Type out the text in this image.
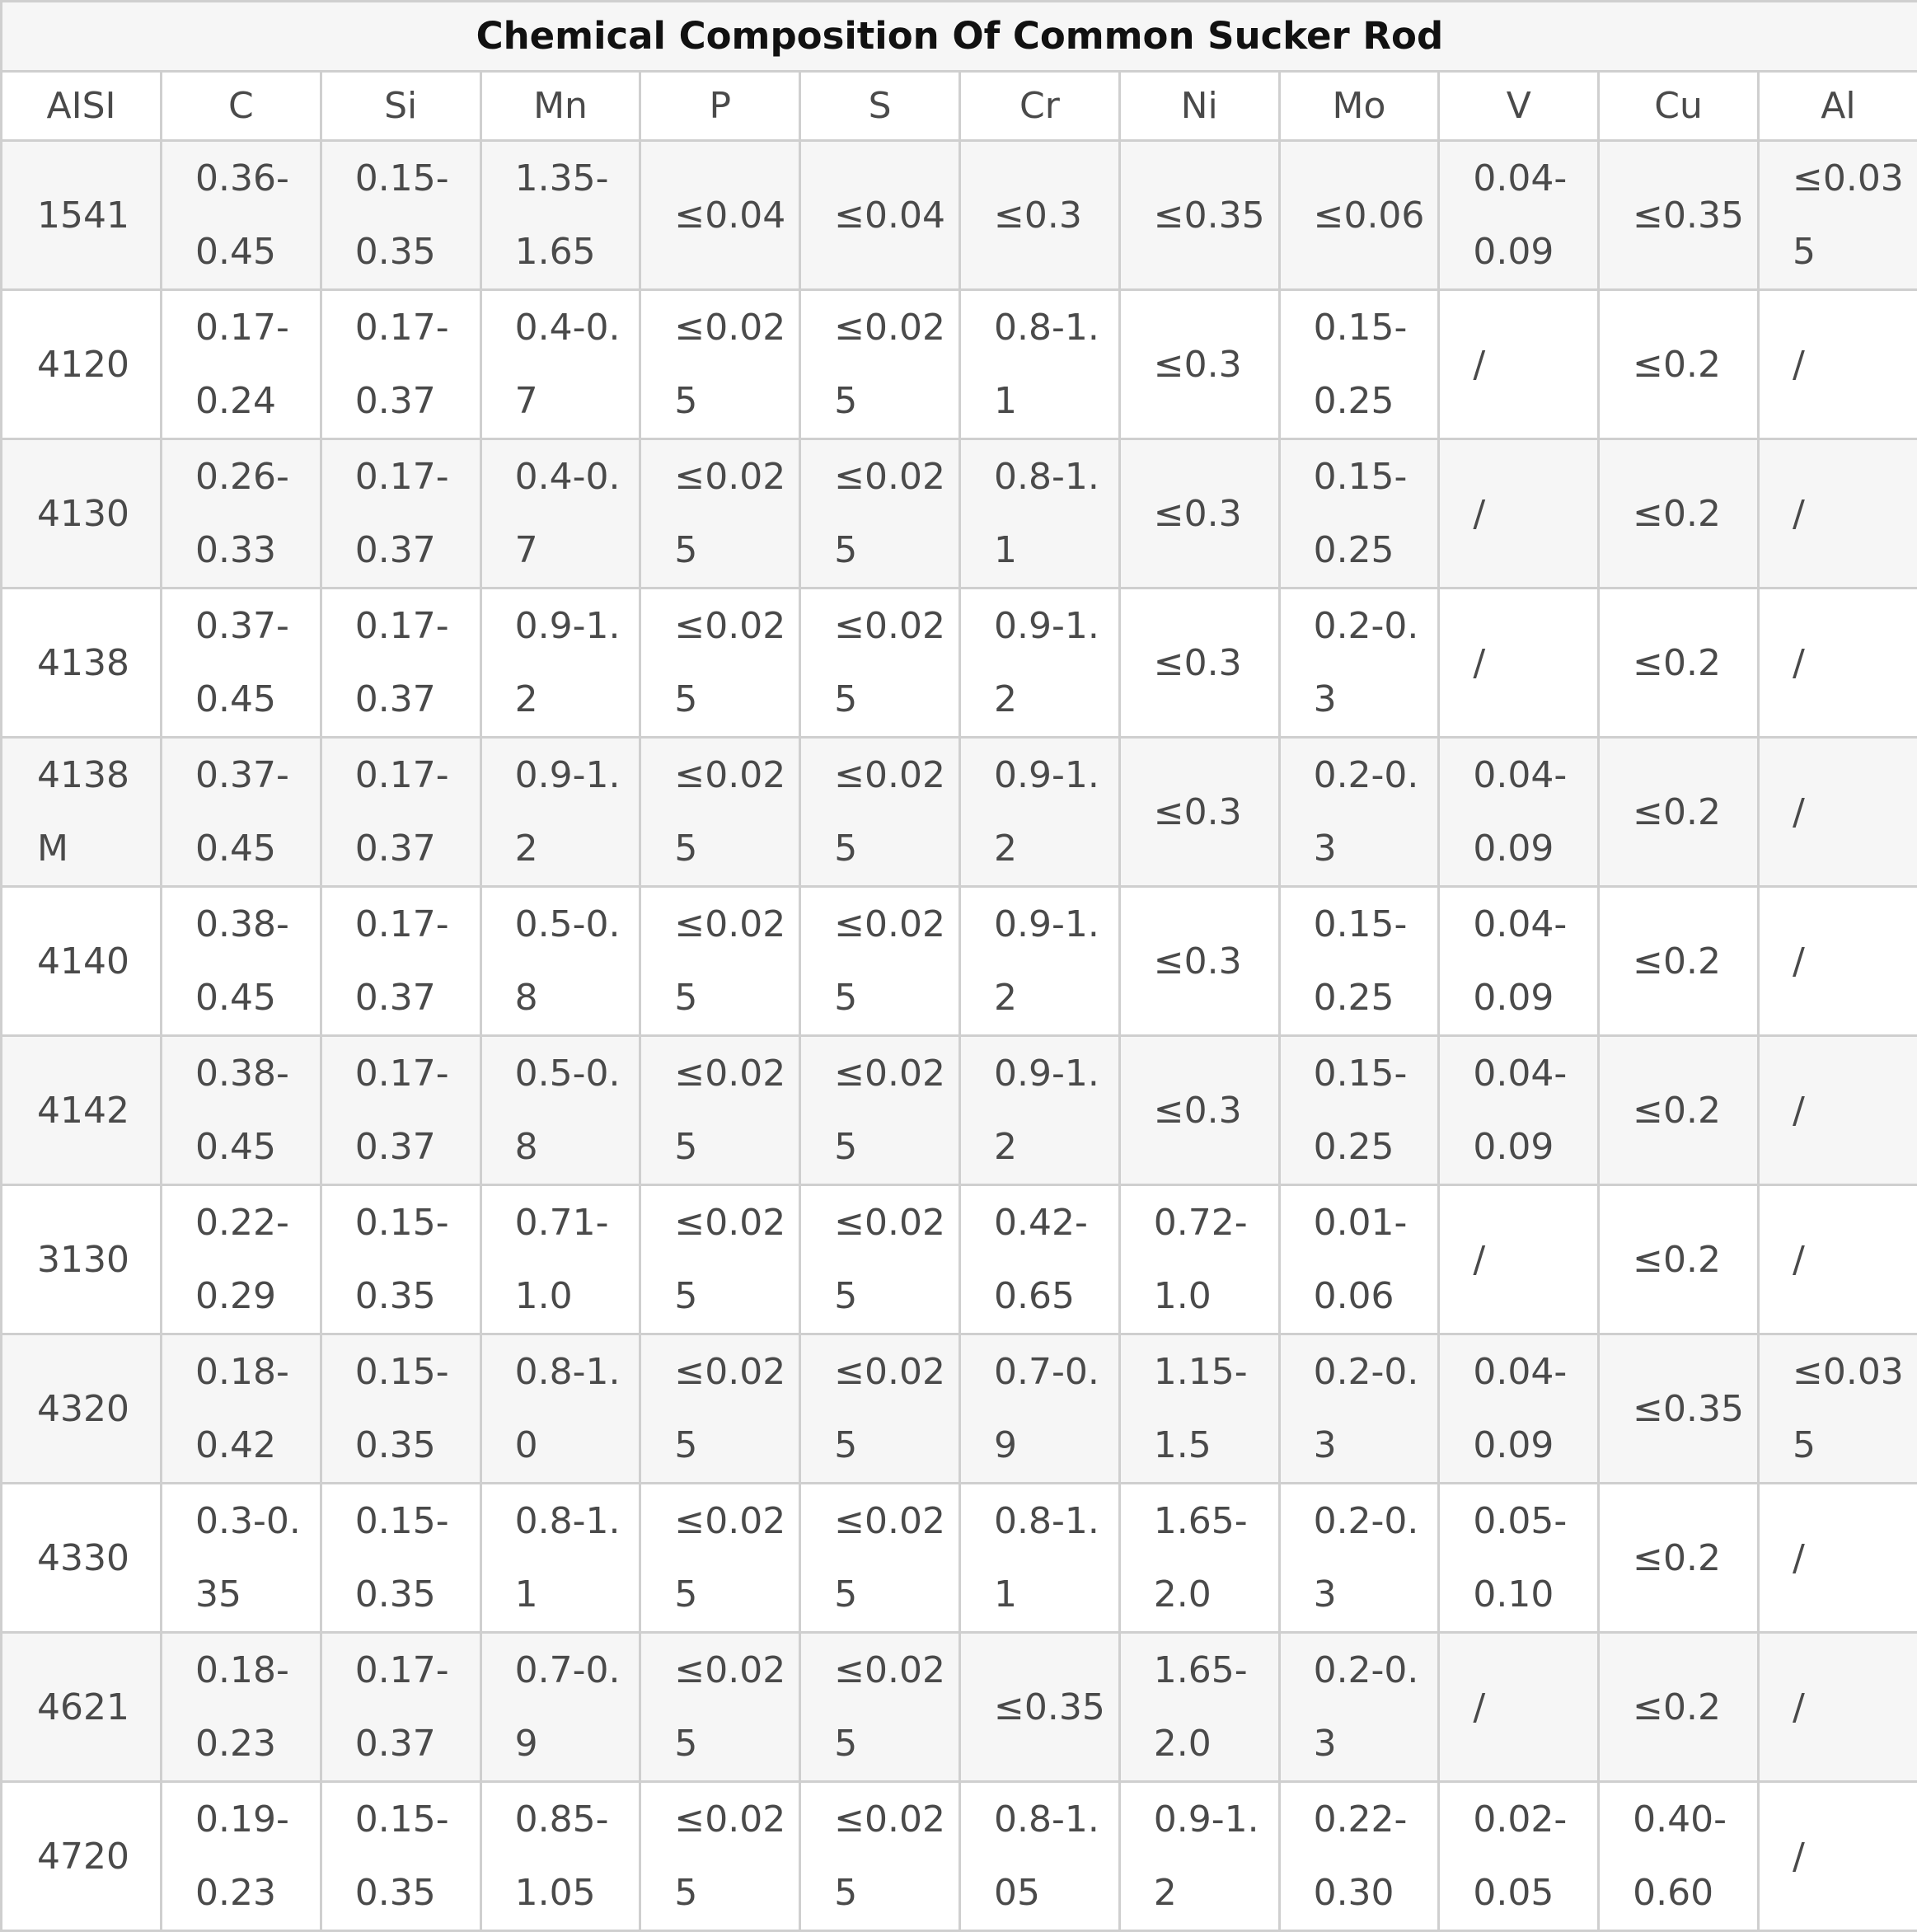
Chemical Composition Of Common Sucker Rod											
AISI	C	Si	Mn	P	S	Cr	Ni	Mo	V	Cu	Al
1541	0.36-0.45	0.15-0.35	1.35-1.65	≤0.04	≤0.04	≤0.3	≤0.35	≤0.06	0.04-0.09	≤0.35	≤0.035
4120	0.17-0.24	0.17-0.37	0.4-0.7	≤0.025	≤0.025	0.8-1.1	≤0.3	0.15-0.25	/	≤0.2	/
4130	0.26-0.33	0.17-0.37	0.4-0.7	≤0.025	≤0.025	0.8-1.1	≤0.3	0.15-0.25	/	≤0.2	/
4138	0.37-0.45	0.17-0.37	0.9-1.2	≤0.025	≤0.025	0.9-1.2	≤0.3	0.2-0.3	/	≤0.2	/
4138M	0.37-0.45	0.17-0.37	0.9-1.2	≤0.025	≤0.025	0.9-1.2	≤0.3	0.2-0.3	0.04-0.09	≤0.2	/
4140	0.38-0.45	0.17-0.37	0.5-0.8	≤0.025	≤0.025	0.9-1.2	≤0.3	0.15-0.25	0.04-0.09	≤0.2	/
4142	0.38-0.45	0.17-0.37	0.5-0.8	≤0.025	≤0.025	0.9-1.2	≤0.3	0.15-0.25	0.04-0.09	≤0.2	/
3130	0.22-0.29	0.15-0.35	0.71-1.0	≤0.025	≤0.025	0.42-0.65	0.72-1.0	0.01-0.06	/	≤0.2	/
4320	0.18-0.42	0.15-0.35	0.8-1.0	≤0.025	≤0.025	0.7-0.9	1.15-1.5	0.2-0.3	0.04-0.09	≤0.35	≤0.035
4330	0.3-0.35	0.15-0.35	0.8-1.1	≤0.025	≤0.025	0.8-1.1	1.65-2.0	0.2-0.3	0.05-0.10	≤0.2	/
4621	0.18-0.23	0.17-0.37	0.7-0.9	≤0.025	≤0.025	≤0.35	1.65-2.0	0.2-0.3	/	≤0.2	/
4720	0.19-0.23	0.15-0.35	0.85-1.05	≤0.025	≤0.025	0.8-1.05	0.9-1.2	0.22-0.30	0.02-0.05	0.40-0.60	/
